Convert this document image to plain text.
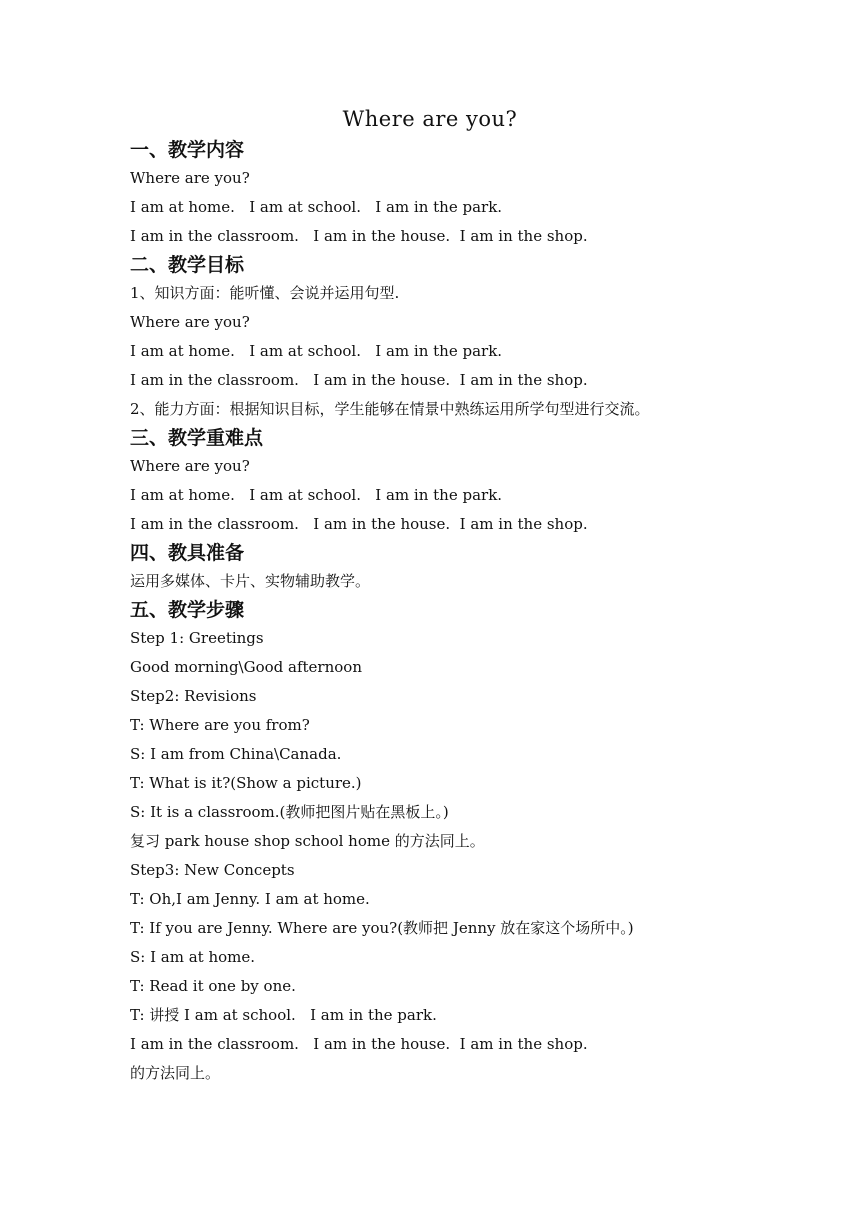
Where are you?
一、教学内容
Where are you?
I am at home.   I am at school.   I am in the park.
I am in the classroom.   I am in the house.  I am in the shop.
二、教学目标
1、知识方面：能听懂、会说并运用句型.
Where are you?
I am at home.   I am at school.   I am in the park.
I am in the classroom.   I am in the house.  I am in the shop.
2、能力方面：根据知识目标，学生能够在情景中熟练运用所学句型进行交流。
三、教学重难点
Where are you?
I am at home.   I am at school.   I am in the park.
I am in the classroom.   I am in the house.  I am in the shop.
四、教具准备
运用多媒体、卡片、实物辅助教学。
五、教学步骤
Step 1: Greetings
Good morning\Good afternoon
Step2: Revisions
T: Where are you from?
S: I am from China\Canada.
T: What is it?(Show a picture.)
S: It is a classroom.(教师把图片贴在黑板上。)
复习 park house shop school home 的方法同上。
Step3: New Concepts
T: Oh,I am Jenny. I am at home.
T: If you are Jenny. Where are you?(教师把 Jenny 放在家这个场所中。)
S: I am at home.
T: Read it one by one.
T: 讲授 I am at school.   I am in the park.
I am in the classroom.   I am in the house.  I am in the shop.
的方法同上。
